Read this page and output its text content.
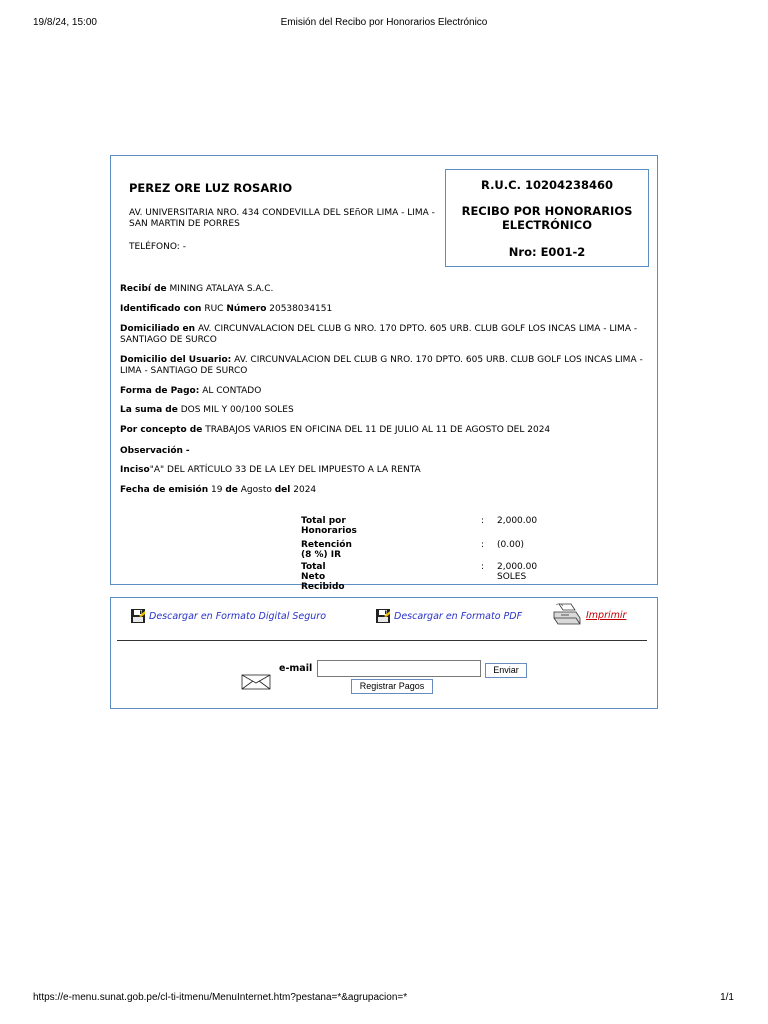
19/8/24, 15:00	Emisión del Recibo por Honorarios Electrónico
PEREZ ORE LUZ ROSARIO
AV. UNIVERSITARIA NRO. 434 CONDEVILLA DEL SEñOR LIMA - LIMA - SAN MARTIN DE PORRES
TELÉFONO: -
R.U.C. 10204238460
RECIBO POR HONORARIOS ELECTRÓNICO
Nro: E001-2
Recibí de MINING ATALAYA S.A.C.
Identificado con RUC Número 20538034151
Domiciliado en AV. CIRCUNVALACION DEL CLUB G NRO. 170 DPTO. 605 URB. CLUB GOLF LOS INCAS LIMA - LIMA - SANTIAGO DE SURCO
Domicilio del Usuario: AV. CIRCUNVALACION DEL CLUB G NRO. 170 DPTO. 605 URB. CLUB GOLF LOS INCAS LIMA - LIMA - SANTIAGO DE SURCO
Forma de Pago: AL CONTADO
La suma de DOS MIL Y 00/100 SOLES
Por concepto de TRABAJOS VARIOS EN OFICINA DEL 11 DE JULIO AL 11 DE AGOSTO DEL 2024
Observación -
Inciso"A" DEL ARTÍCULO 33 DE LA LEY DEL IMPUESTO A LA RENTA
Fecha de emisión 19 de Agosto del 2024
Total por Honorarios
: 2,000.00
Retención (8 %) IR
: (0.00)
Total Neto Recibido
: 2,000.00 SOLES
Descargar en Formato Digital Seguro	Descargar en Formato PDF	Imprimir
e-mail	Enviar
Registrar Pagos
https://e-menu.sunat.gob.pe/cl-ti-itmenu/MenuInternet.htm?pestana=*&agrupacion=*	1/1
